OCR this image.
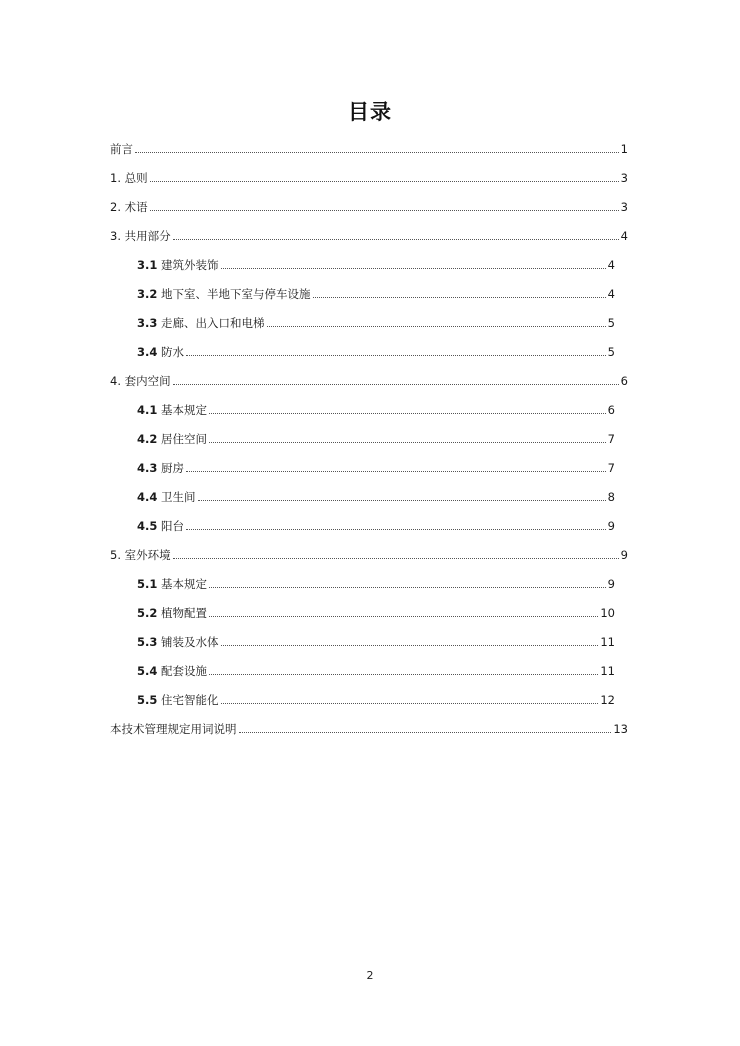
目录
前言	1
1. 总则	3
2. 术语	3
3. 共用部分	4
3.1 建筑外装饰	4
3.2 地下室、半地下室与停车设施	4
3.3 走廊、出入口和电梯	5
3.4 防水	5
4. 套内空间	6
4.1 基本规定	6
4.2 居住空间	7
4.3 厨房	7
4.4 卫生间	8
4.5 阳台	9
5. 室外环境	9
5.1 基本规定	9
5.2 植物配置	10
5.3 铺装及水体	11
5.4 配套设施	11
5.5 住宅智能化	12
本技术管理规定用词说明	13
2
